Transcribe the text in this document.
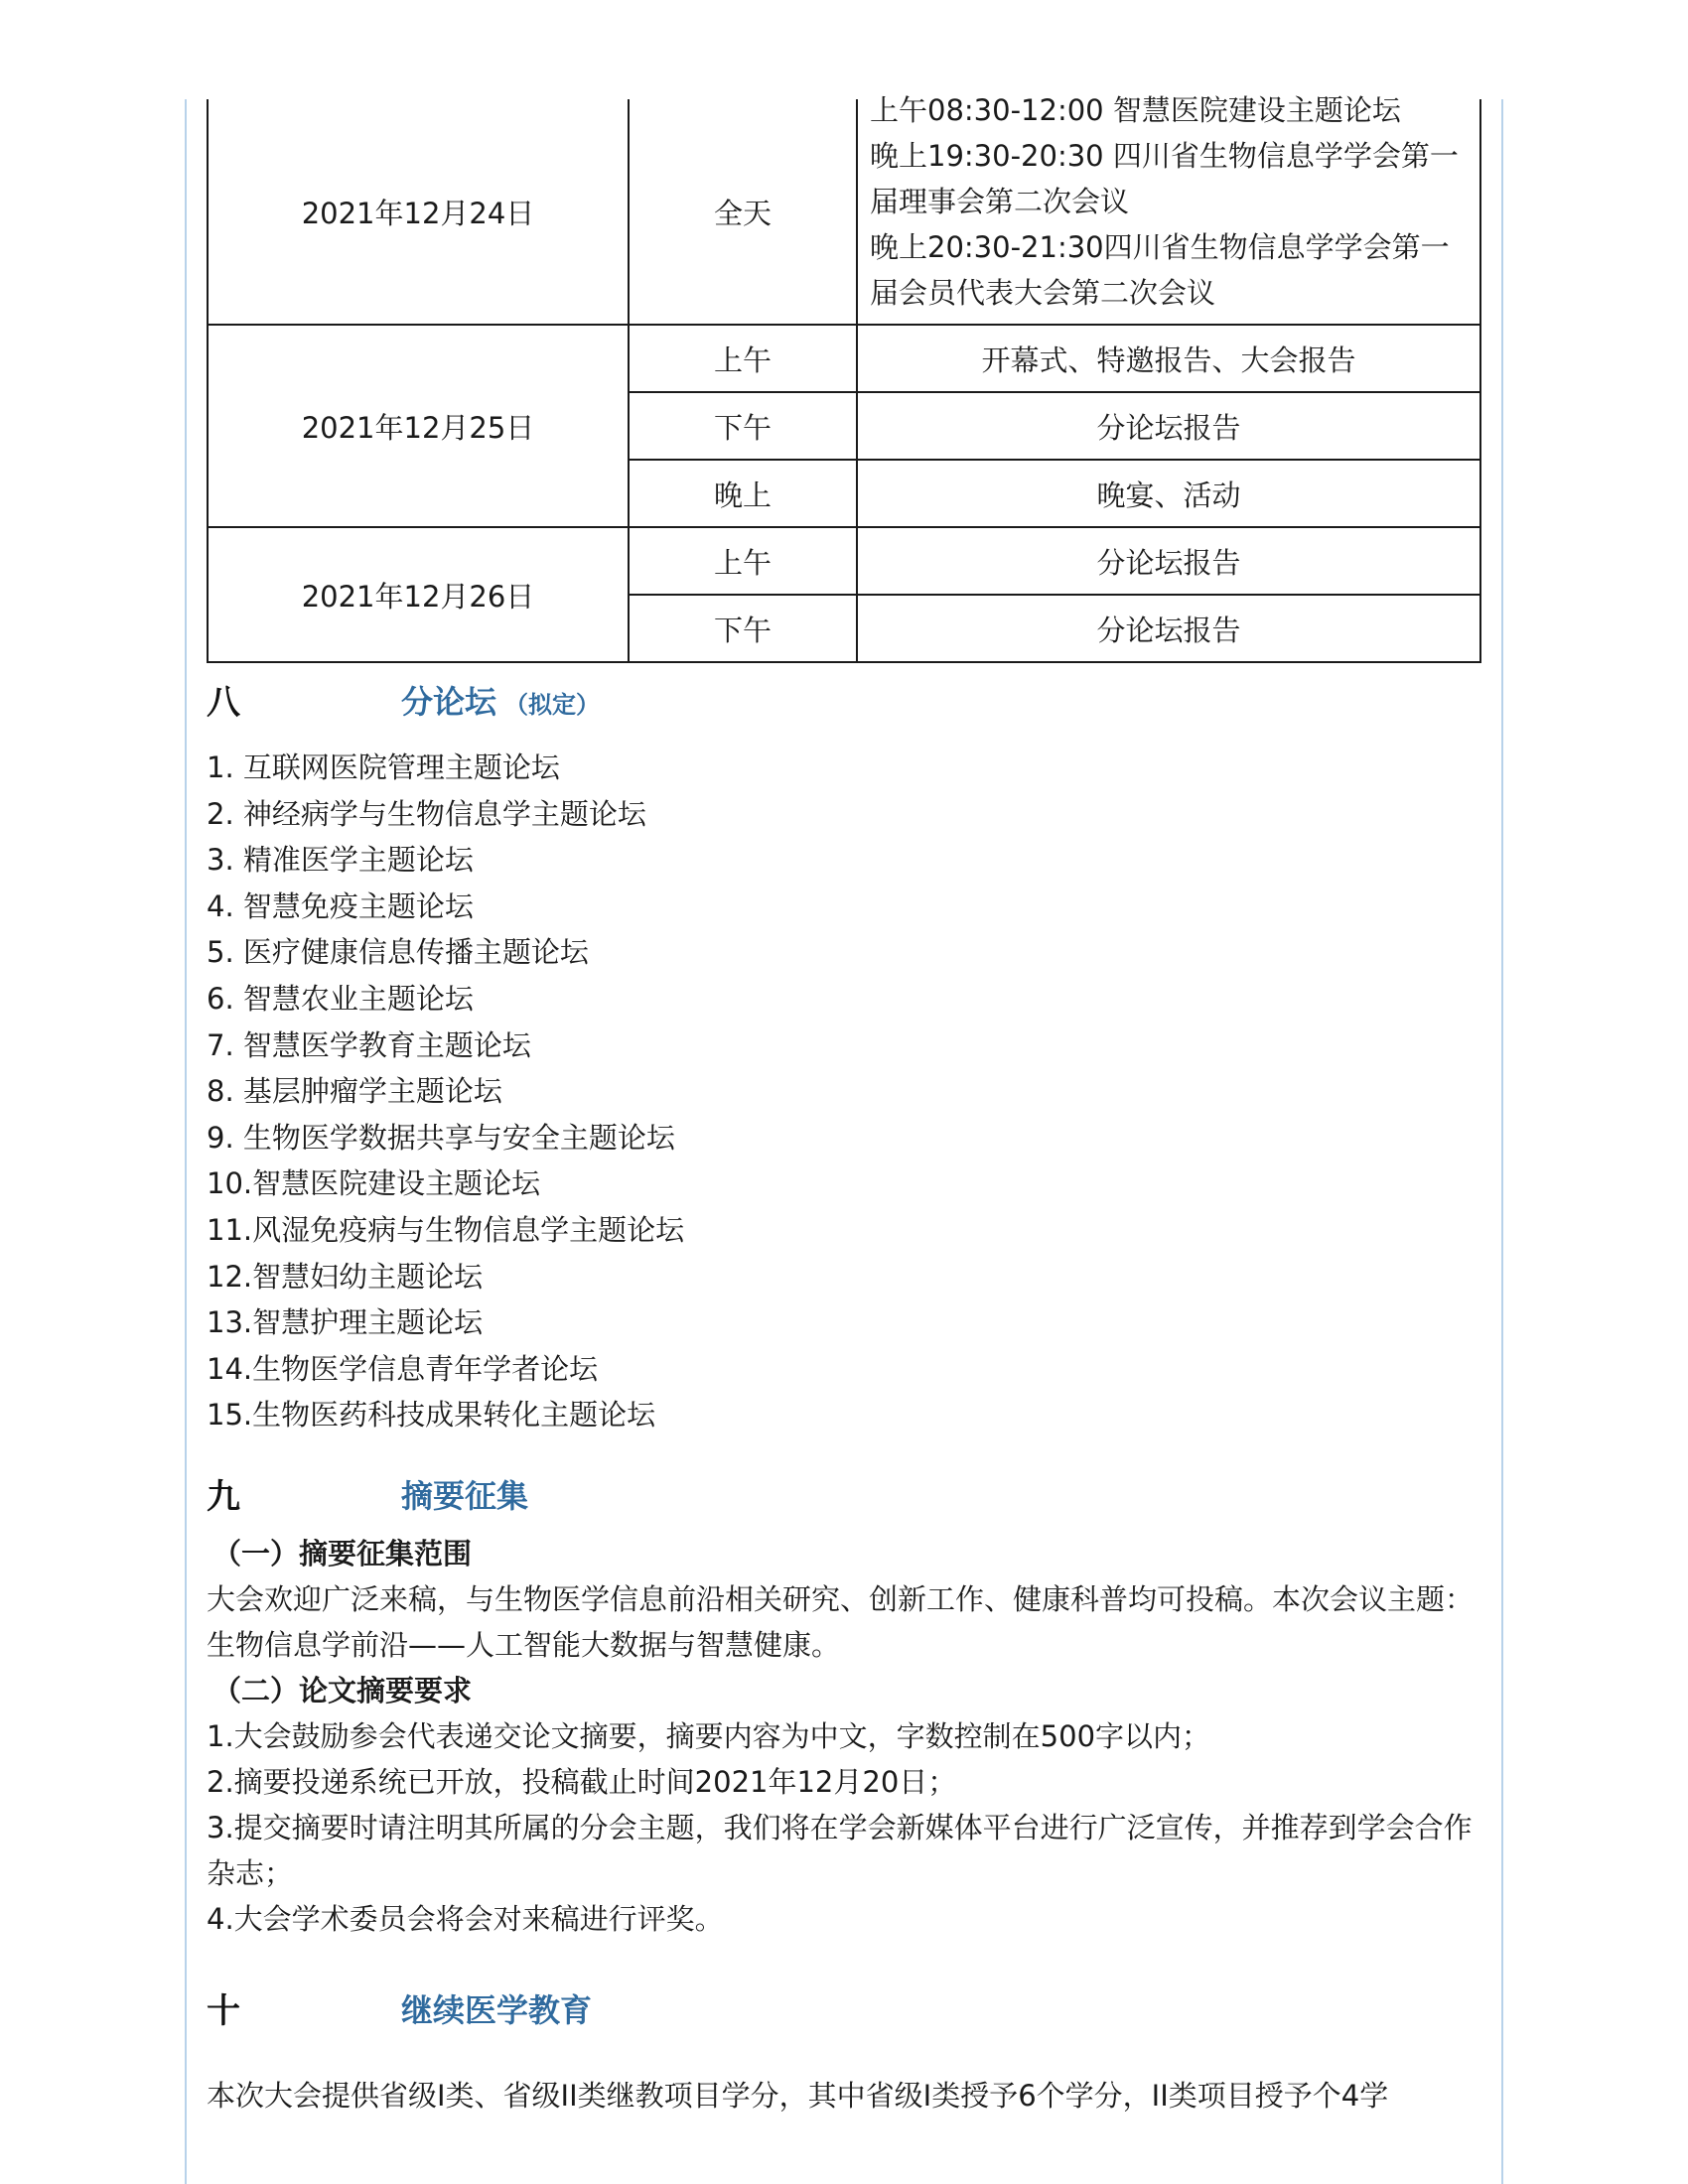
2021年12月24日	全天	上午08:30-12:00 智慧医院建设主题论坛
晚上19:30-20:30 四川省生物信息学学会第一届理事会第二次会议
晚上20:30-21:30四川省生物信息学学会第一届会员代表大会第二次会议

2021年12月25日	上午	开幕式、特邀报告、大会报告
	下午	分论坛报告
	晚上	晚宴、活动
2021年12月26日	上午	分论坛报告
	下午	分论坛报告
八	分论坛 （拟定）
1. 互联网医院管理主题论坛
2. 神经病学与生物信息学主题论坛
3. 精准医学主题论坛
4. 智慧免疫主题论坛
5. 医疗健康信息传播主题论坛
6. 智慧农业主题论坛
7. 智慧医学教育主题论坛
8. 基层肿瘤学主题论坛
9. 生物医学数据共享与安全主题论坛
10.智慧医院建设主题论坛
11.风湿免疫病与生物信息学主题论坛
12.智慧妇幼主题论坛
13.智慧护理主题论坛
14.生物医学信息青年学者论坛
15.生物医药科技成果转化主题论坛
九	摘要征集

（一）摘要征集范围

大会欢迎广泛来稿，与生物医学信息前沿相关研究、创新工作、健康科普均可投稿。本次会议主题：生物信息学前沿——人工智能大数据与智慧健康。

（二）论文摘要要求

1.大会鼓励参会代表递交论文摘要，摘要内容为中文，字数控制在500字以内；

2.摘要投递系统已开放，投稿截止时间2021年12月20日；

3.提交摘要时请注明其所属的分会主题，我们将在学会新媒体平台进行广泛宣传，并推荐到学会合作杂志；

4.大会学术委员会将会对来稿进行评奖。

十	继续医学教育

本次大会提供省级I类、省级II类继教项目学分，其中省级I类授予6个学分，II类项目授予个4学
